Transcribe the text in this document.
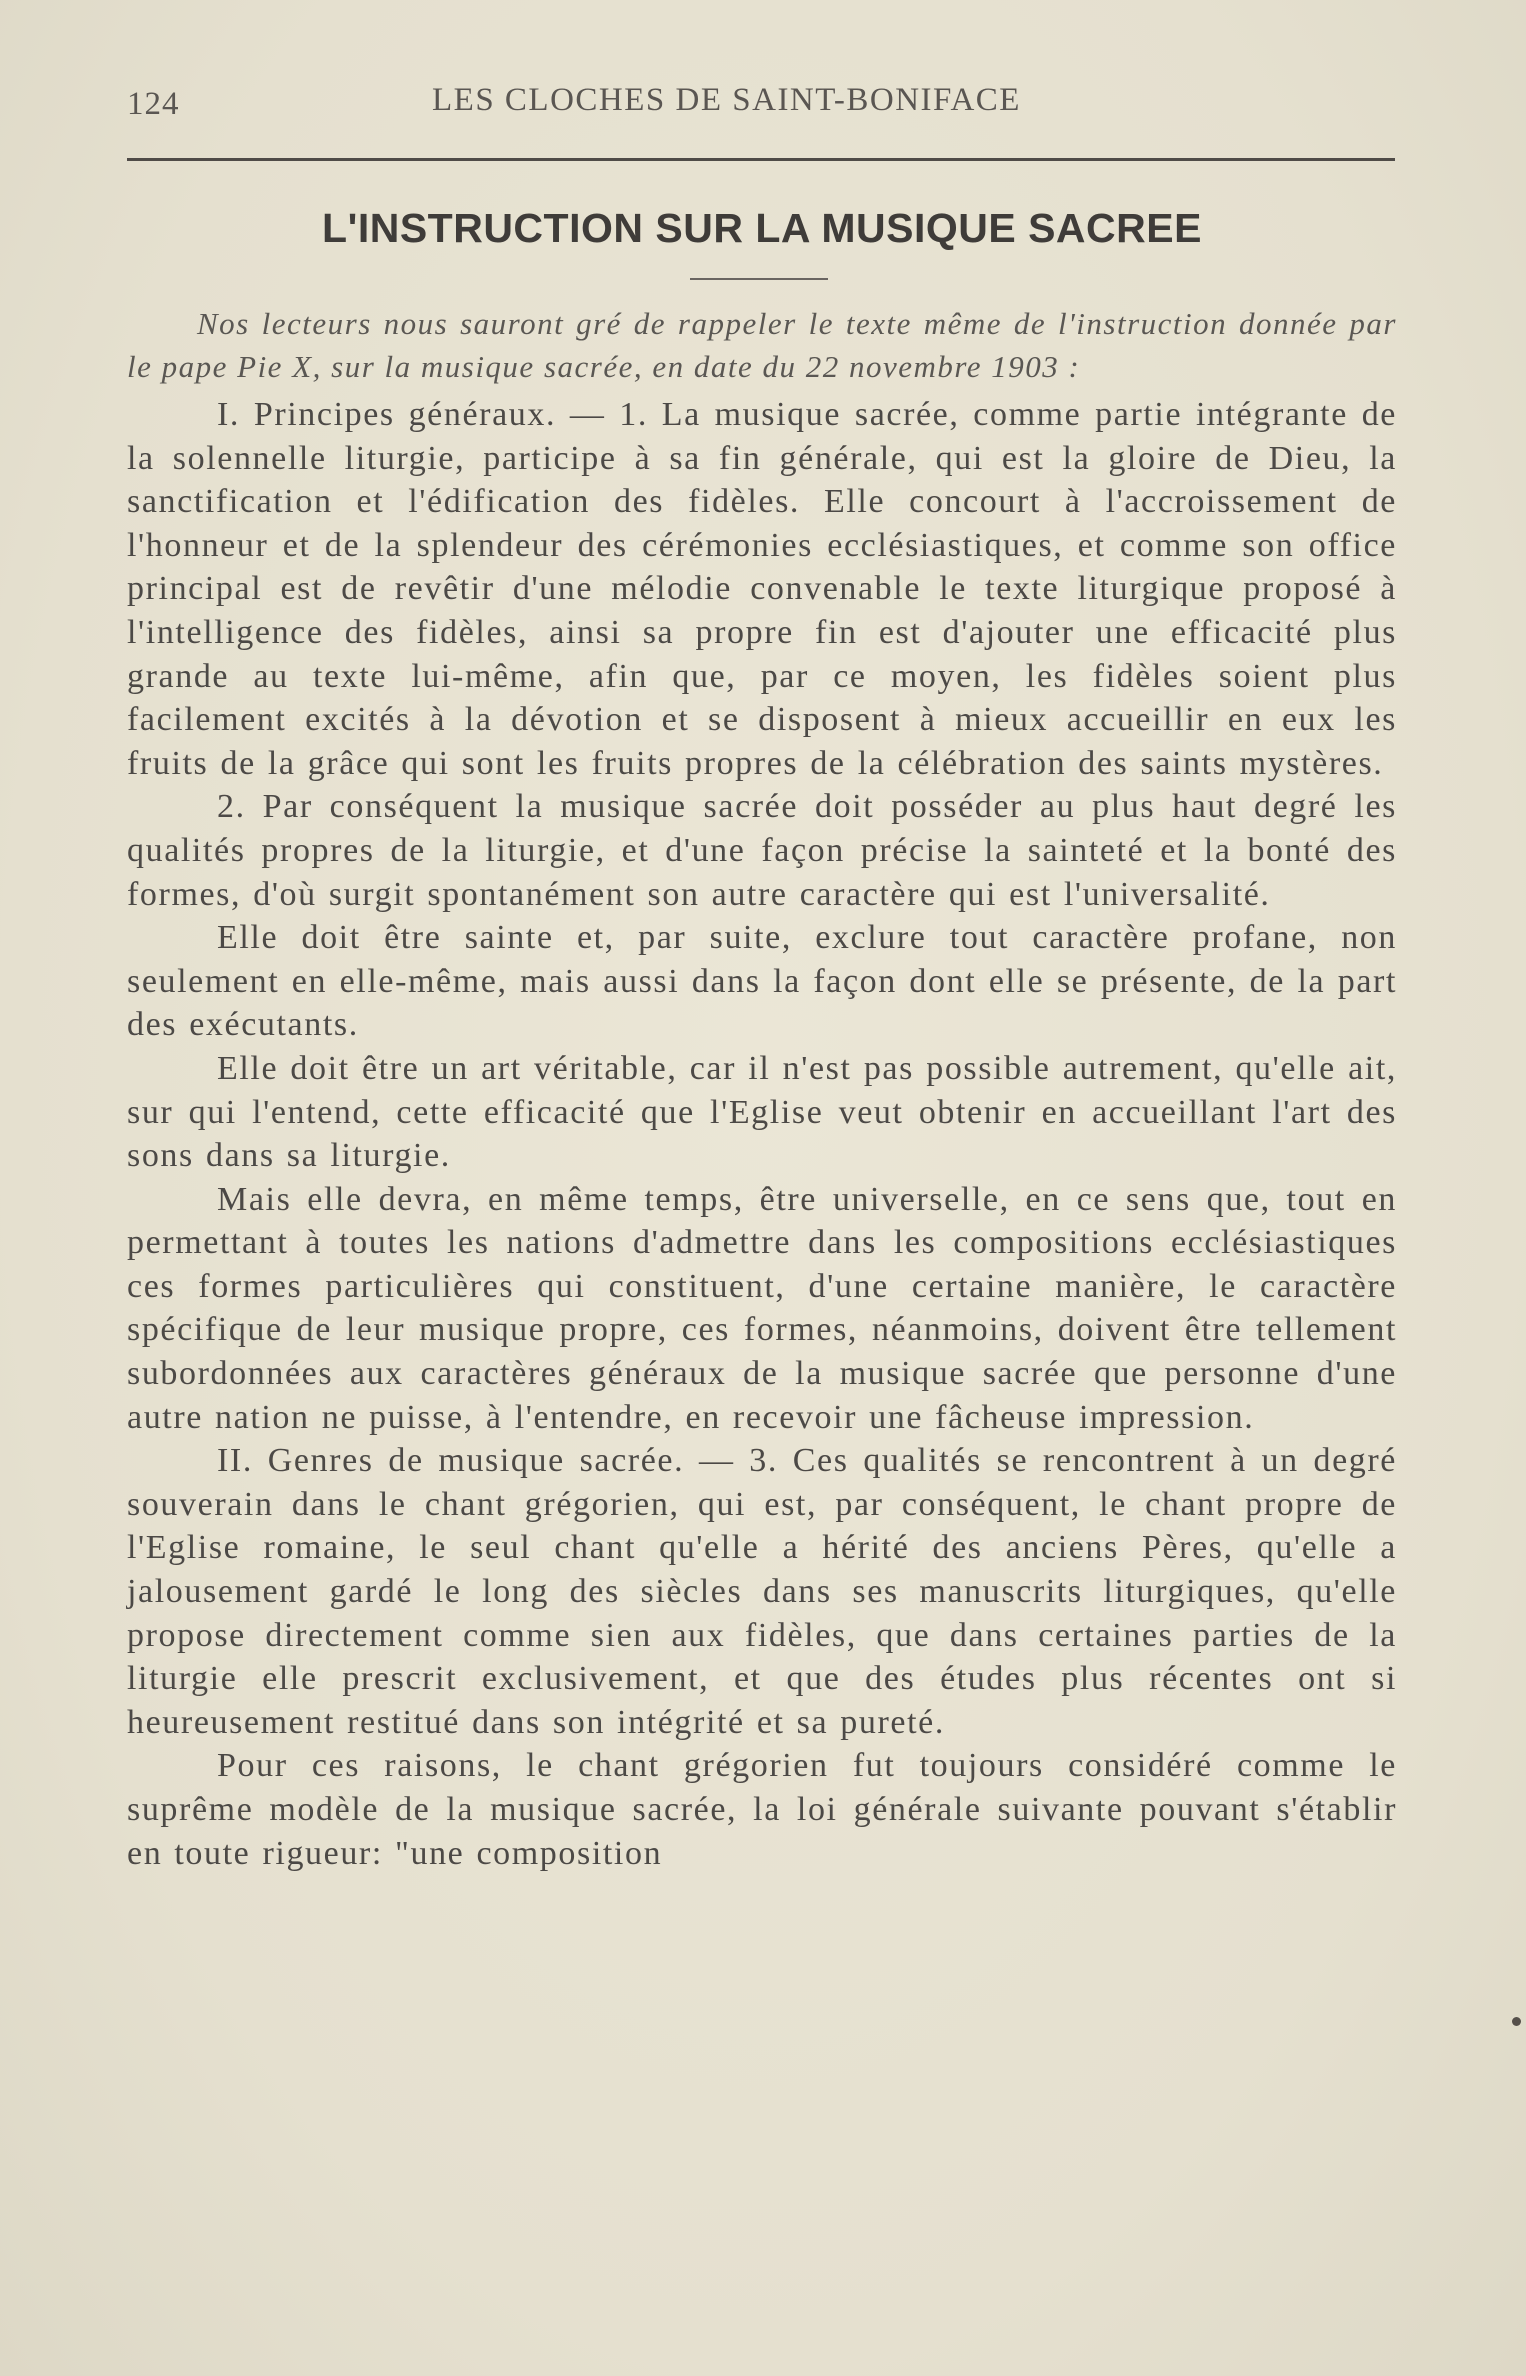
124	LES CLOCHES DE SAINT-BONIFACE
L'INSTRUCTION SUR LA MUSIQUE SACREE

Nos lecteurs nous sauront gré de rappeler le texte même de l'instruction donnée par le pape Pie X, sur la musique sacrée, en date du 22 novembre 1903 :

I. Principes généraux. — 1. La musique sacrée, comme partie intégrante de la solennelle liturgie, participe à sa fin générale, qui est la gloire de Dieu, la sanctification et l'édification des fidèles. Elle concourt à l'accroissement de l'honneur et de la splendeur des cérémonies ecclésiastiques, et comme son office principal est de revêtir d'une mélodie convenable le texte liturgique proposé à l'intelligence des fidèles, ainsi sa propre fin est d'ajouter une efficacité plus grande au texte lui-même, afin que, par ce moyen, les fidèles soient plus facilement excités à la dévotion et se disposent à mieux accueillir en eux les fruits de la grâce qui sont les fruits propres de la célébration des saints mystères.

2. Par conséquent la musique sacrée doit posséder au plus haut degré les qualités propres de la liturgie, et d'une façon précise la sainteté et la bonté des formes, d'où surgit spontanément son autre caractère qui est l'universalité.

Elle doit être sainte et, par suite, exclure tout caractère profane, non seulement en elle-même, mais aussi dans la façon dont elle se présente, de la part des exécutants.

Elle doit être un art véritable, car il n'est pas possible autrement, qu'elle ait, sur qui l'entend, cette efficacité que l'Eglise veut obtenir en accueillant l'art des sons dans sa liturgie.

Mais elle devra, en même temps, être universelle, en ce sens que, tout en permettant à toutes les nations d'admettre dans les compositions ecclésiastiques ces formes particulières qui constituent, d'une certaine manière, le caractère spécifique de leur musique propre, ces formes, néanmoins, doivent être tellement subordonnées aux caractères généraux de la musique sacrée que personne d'une autre nation ne puisse, à l'entendre, en recevoir une fâcheuse impression.

II. Genres de musique sacrée. — 3. Ces qualités se rencontrent à un degré souverain dans le chant grégorien, qui est, par conséquent, le chant propre de l'Eglise romaine, le seul chant qu'elle a hérité des anciens Pères, qu'elle a jalousement gardé le long des siècles dans ses manuscrits liturgiques, qu'elle propose directement comme sien aux fidèles, que dans certaines parties de la liturgie elle prescrit exclusivement, et que des études plus récentes ont si heureusement restitué dans son intégrité et sa pureté.

Pour ces raisons, le chant grégorien fut toujours considéré comme le suprême modèle de la musique sacrée, la loi générale suivante pouvant s'établir en toute rigueur: "une composition
